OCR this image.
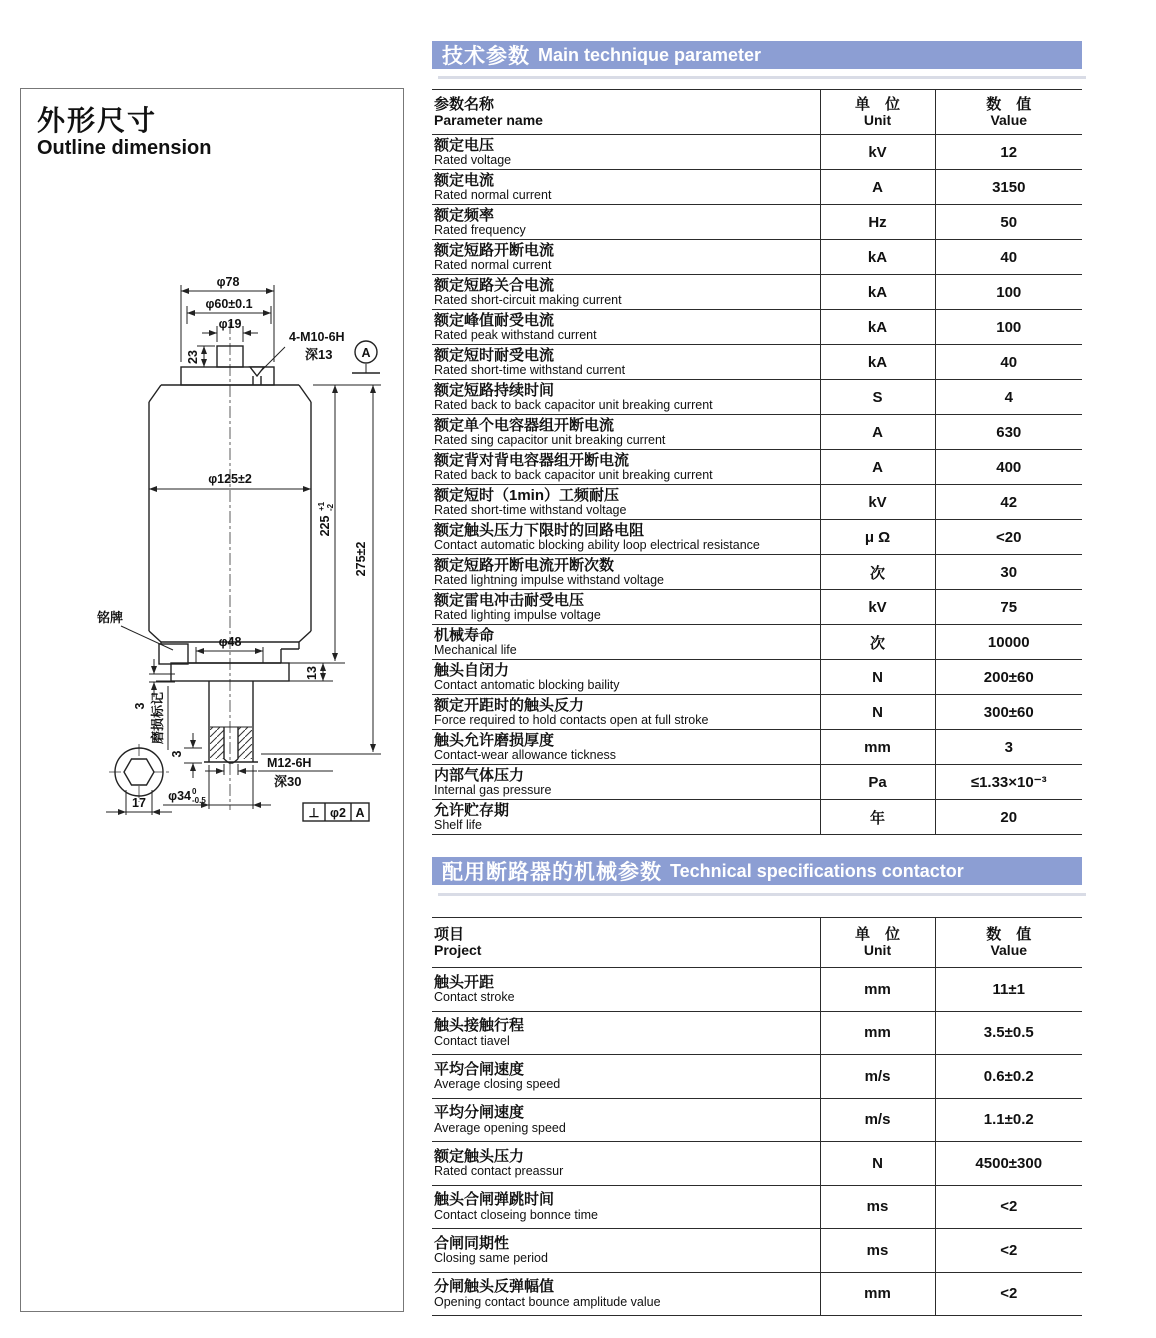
外形尺寸
Outline dimension
A
⊥ φ2 A
φ78
φ60±0.1
φ19
23
4-M10-6H
深13
φ125±2
225
+1 -2
275±2
铭牌
φ48
13
3 磨损标记
3
M12-6H
深30
φ34 0
-0.5
17
技术参数 Main technique parameter
参数名称
Parameter name

单　位
Unit

数　值
Value

额定电压
Rated voltage	kV	12

额定电流
Rated normal current	A	3150

额定频率
Rated frequency	Hz	50

额定短路开断电流
Rated normal current	kA	40

额定短路关合电流
Rated short-circuit making current	kA	100

额定峰值耐受电流
Rated peak withstand current	kA	100

额定短时耐受电流
Rated short-time withstand current	kA	40

额定短路持续时间
Rated back to back capacitor unit breaking current	S	4

额定单个电容器组开断电流
Rated sing capacitor unit breaking current	A	630

额定背对背电容器组开断电流
Rated back to back capacitor unit breaking current	A	400

额定短时（1min）工频耐压
Rated short-time withstand voltage	kV	42

额定触头压力下限时的回路电阻
Contact automatic blocking ability loop electrical resistance	μ Ω	<20

额定短路开断电流开断次数
Rated lightning impulse withstand voltage	次	30

额定雷电冲击耐受电压
Rated lighting impulse voltage	kV	75

机械寿命
Mechanical life	次	10000

触头自闭力
Contact antomatic blocking baility	N	200±60

额定开距时的触头反力
Force required to hold contacts open at full stroke	N	300±60

触头允许磨损厚度
Contact-wear allowance tickness	mm	3

内部气体压力
Internal gas pressure	Pa	≤1.33×10⁻³

允许贮存期
Shelf life	年	20
配用断路器的机械参数 Technical specifications contactor
项目
Project

单　位
Unit

数　值
Value

触头开距
Contact stroke	mm	11±1

触头接触行程
Contact tiavel	mm	3.5±0.5

平均合闸速度
Average closing speed	m/s	0.6±0.2

平均分闸速度
Average opening speed	m/s	1.1±0.2

额定触头压力
Rated contact preassur	N	4500±300

触头合闸弹跳时间
Contact closeing bonnce time	ms	<2

合闸同期性
Closing same period	ms	<2

分闸触头反弹幅值
Opening contact bounce amplitude value	mm	<2
